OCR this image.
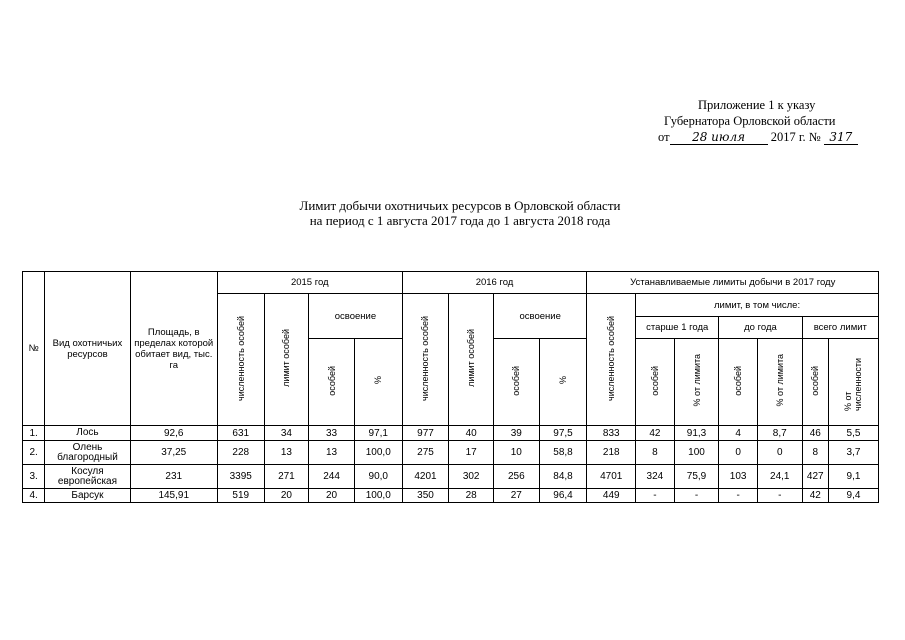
Приложение 1 к указу
Губернатора Орловской области
от 28 июля 2017 г. № 317
Лимит добычи охотничьих ресурсов в Орловской области
на период с 1 августа 2017 года до 1 августа 2018 года
№	Вид охотничьих ресурсов	Площадь, в пределах которой обитает вид, тыс. га	2015 год				2016 год				Устанавливаемые лимиты добычи в 2017 году						
			численность особей	лимит особей	освоение		численность особей	лимит особей	освоение		численность особей	лимит, в том числе:					
												старше 1 года		до года		всего лимит	
					особей	%			особей	%		особей	% от лимита	особей	% от лимита	особей	% от численности
1.	Лось	92,6	631	34	33	97,1	977	40	39	97,5	833	42	91,3	4	8,7	46	5,5
2.	Олень благородный	37,25	228	13	13	100,0	275	17	10	58,8	218	8	100	0	0	8	3,7
3.	Косуля европейская	231	3395	271	244	90,0	4201	302	256	84,8	4701	324	75,9	103	24,1	427	9,1
4.	Барсук	145,91	519	20	20	100,0	350	28	27	96,4	449	-	-	-	-	42	9,4
